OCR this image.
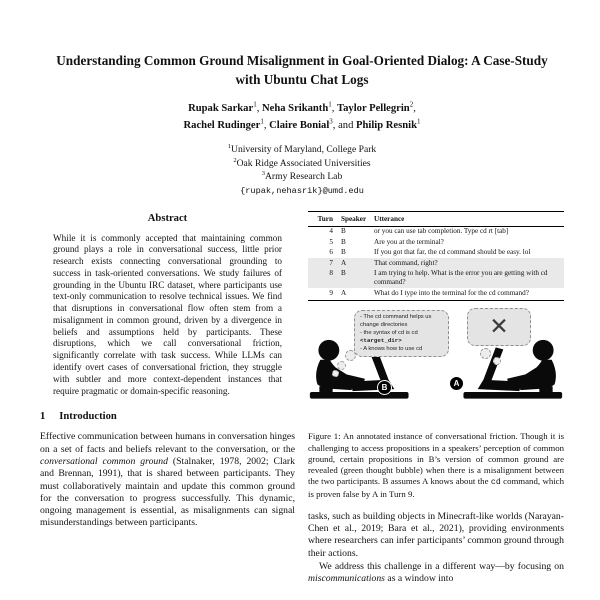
Understanding Common Ground Misalignment in Goal-Oriented Dialog: A Case-Study with Ubuntu Chat Logs
Rupak Sarkar$^1$, Neha Srikanth$^1$, Taylor Pellegrin$^2$,
Rachel Rudinger$^1$, Claire Bonial$^3$, and Philip Resnik$^1$
$^1$University of Maryland, College Park
$^2$Oak Ridge Associated Universities
$^3$Army Research Lab
{rupak,nehasrik}@umd.edu
Abstract
While it is commonly accepted that maintaining common ground plays a role in conversational success, little prior research exists connecting conversational grounding to success in task-oriented conversations. We study failures of grounding in the Ubuntu IRC dataset, where participants use text-only communication to resolve technical issues. We find that disruptions in conversational flow often stem from a misalignment in common ground, driven by a divergence in beliefs and assumptions held by participants. These disruptions, which we call conversational friction, significantly correlate with task success. While LLMs can identify overt cases of conversational friction, they struggle with subtler and more context-dependent instances that require pragmatic or domain-specific reasoning.
1 Introduction

Effective communication between humans in conversation hinges on a set of facts and beliefs relevant to the conversation, or the conversational common ground (Stalnaker, 1978, 2002; Clark and Brennan, 1991), that is shared between participants. They must collaboratively maintain and update this common ground for the conversation to progress successfully. This dynamic, ongoing management is essential, as misalignments can signal misunderstandings between participants.

Turn	Speaker	Utterance
4	B	or you can use tab completion. Type cd rt [tab]
5	B	Are you at the terminal?
6	B	If you got that far, the cd command should be easy. lol
7	A	That command, right?
8	B	I am trying to help. What is the error you are getting with cd command?
9	A	What do I type into the terminal for the cd command?
- The cd command helps us change directories
- the syntax of cd is cd <target_dir>
- A knows how to use cd
✕
B	A
Figure 1: An annotated instance of conversational friction. Though it is challenging to access propositions in a speakers’ perception of common ground, certain propositions in B’s version of common ground are revealed (green thought bubble) when there is a misalignment between the two participants. B assumes A knows about the cd command, which is proven false by A in Turn 9.

tasks, such as building objects in Minecraft-like worlds (Narayan-Chen et al., 2019; Bara et al., 2021), providing environments where researchers can infer participants’ common ground through their actions.

We address this challenge in a different way—by focusing on miscommunications as a window into
